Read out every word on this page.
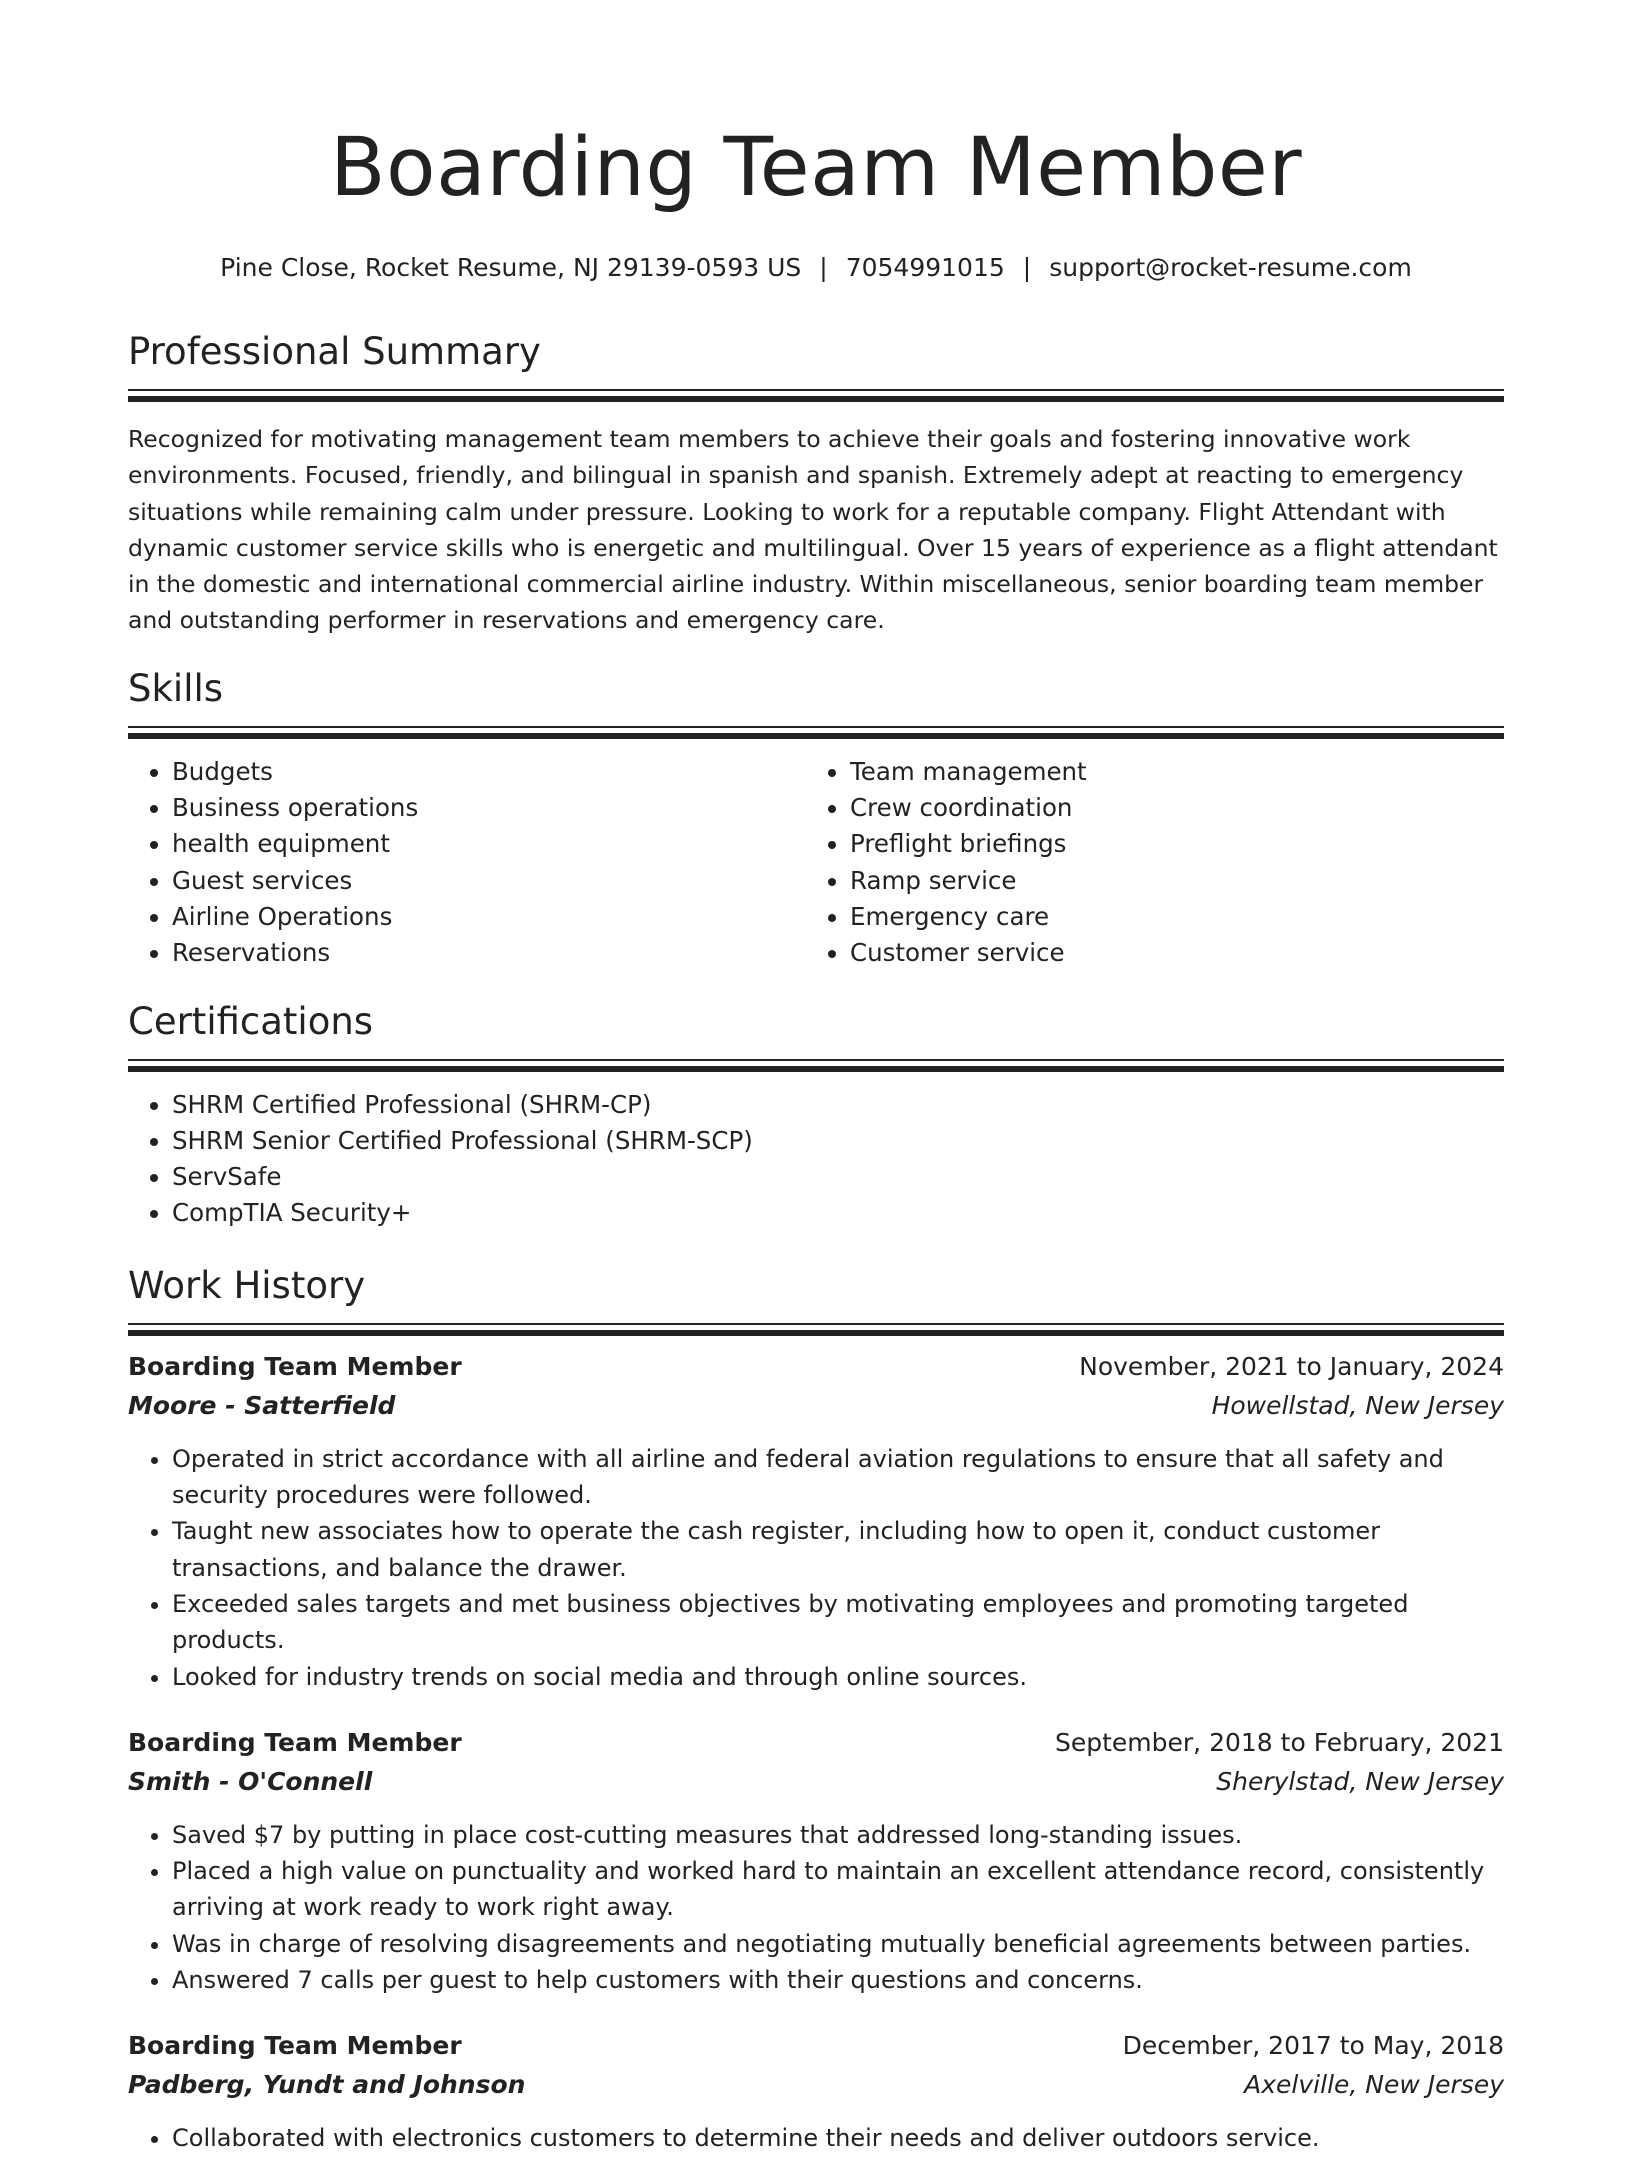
Boarding Team Member
Pine Close, Rocket Resume, NJ 29139-0593 US | 7054991015 | support@rocket-resume.com
Professional Summary

Recognized for motivating management team members to achieve their goals and fostering innovative work environments. Focused, friendly, and bilingual in spanish and spanish. Extremely adept at reacting to emergency situations while remaining calm under pressure. Looking to work for a reputable company. Flight Attendant with dynamic customer service skills who is energetic and multilingual. Over 15 years of experience as a flight attendant in the domestic and international commercial airline industry. Within miscellaneous, senior boarding team member and outstanding performer in reservations and emergency care.

Skills
• Budgets
• Business operations
• health equipment
• Guest services
• Airline Operations
• Reservations
• Team management
• Crew coordination
• Preflight briefings
• Ramp service
• Emergency care
• Customer service
Certifications
• SHRM Certified Professional (SHRM-CP)
• SHRM Senior Certified Professional (SHRM-SCP)
• ServSafe
• CompTIA Security+
Work History
Boarding Team Member	November, 2021 to January, 2024
Moore - Satterfield	Howellstad, New Jersey
• Operated in strict accordance with all airline and federal aviation regulations to ensure that all safety and security procedures were followed.
• Taught new associates how to operate the cash register, including how to open it, conduct customer transactions, and balance the drawer.
• Exceeded sales targets and met business objectives by motivating employees and promoting targeted products.
• Looked for industry trends on social media and through online sources.
Boarding Team Member	September, 2018 to February, 2021
Smith - O'Connell	Sherylstad, New Jersey
• Saved $7 by putting in place cost-cutting measures that addressed long-standing issues.
• Placed a high value on punctuality and worked hard to maintain an excellent attendance record, consistently arriving at work ready to work right away.
• Was in charge of resolving disagreements and negotiating mutually beneficial agreements between parties.
• Answered 7 calls per guest to help customers with their questions and concerns.
Boarding Team Member	December, 2017 to May, 2018
Padberg, Yundt and Johnson	Axelville, New Jersey
• Collaborated with electronics customers to determine their needs and deliver outdoors service.
